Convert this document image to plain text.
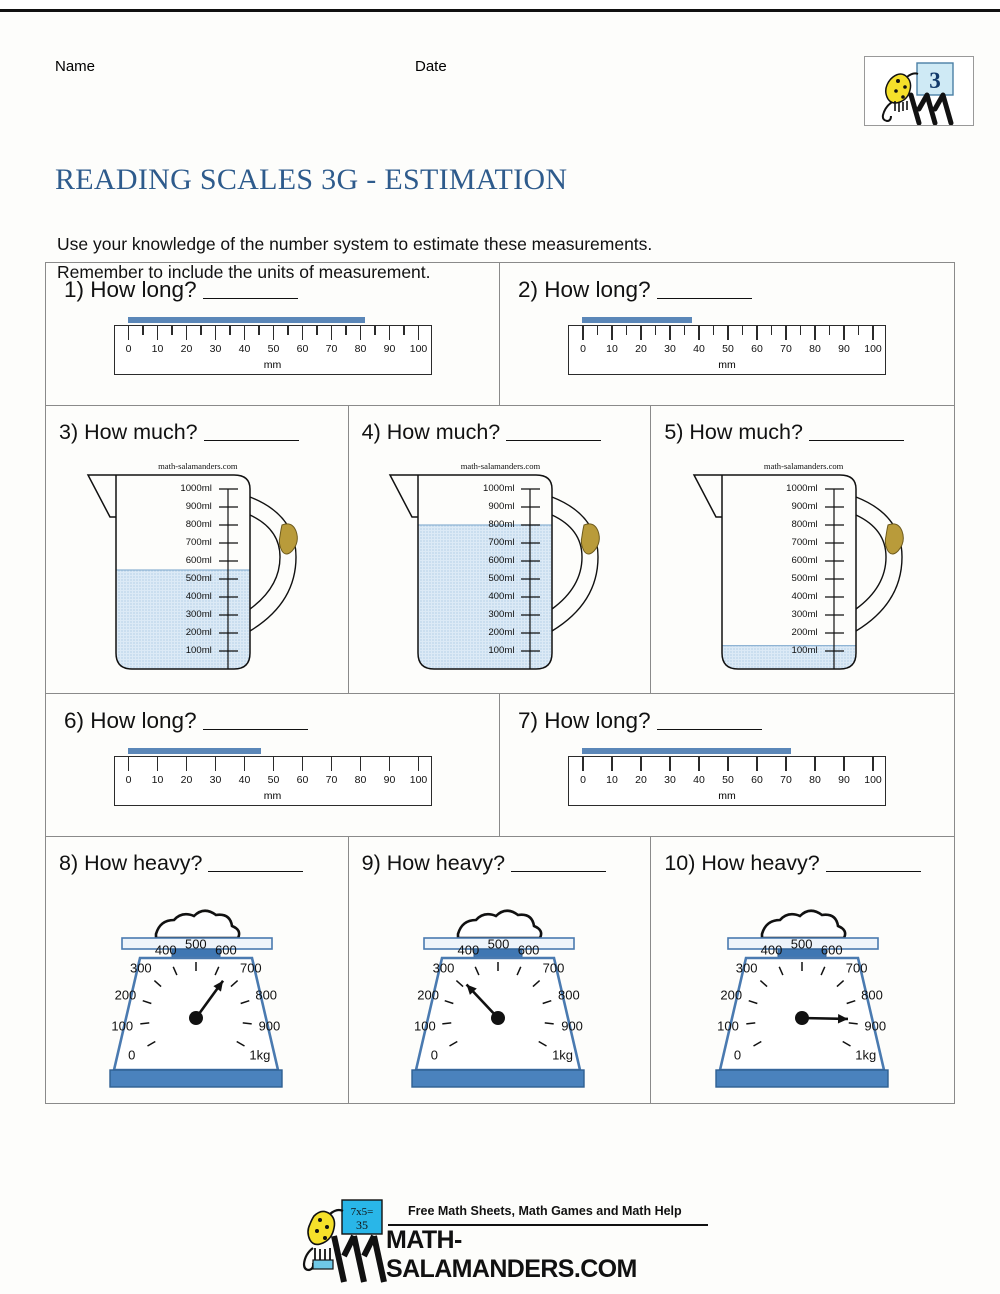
Name	Date
3
READING SCALES 3G - ESTIMATION
Use your knowledge of the number system to estimate these measurements.
Remember to include the units of measurement.
1) How long?
0 10 20 30 40 50 60 70 80 90 100
mm
2) How long?
0 10 20 30 40 50 60 70 80 90 100
mm
3) How much?
math-salamanders.com
1000ml
900ml
800ml
700ml
600ml
500ml
400ml
300ml
200ml
100ml
4) How much?
math-salamanders.com
1000ml
900ml
800ml
700ml
600ml
500ml
400ml
300ml
200ml
100ml
5) How much?
math-salamanders.com
1000ml
900ml
800ml
700ml
600ml
500ml
400ml
300ml
200ml
100ml
6) How long?
0 10 20 30 40 50 60 70 80 90 100
mm
7) How long?
0 10 20 30 40 50 60 70 80 90 100
mm
8) How heavy?
0
100
200
300
400 500 600
700
800
900
1kg
9) How heavy?
0
100
200
300
400 500 600
700
800
900
1kg
10) How heavy?
0
100
200
300
400 500 600
700
800
900
1kg
7x5=
35
Free Math Sheets, Math Games and Math Help
MATH-SALAMANDERS.COM
